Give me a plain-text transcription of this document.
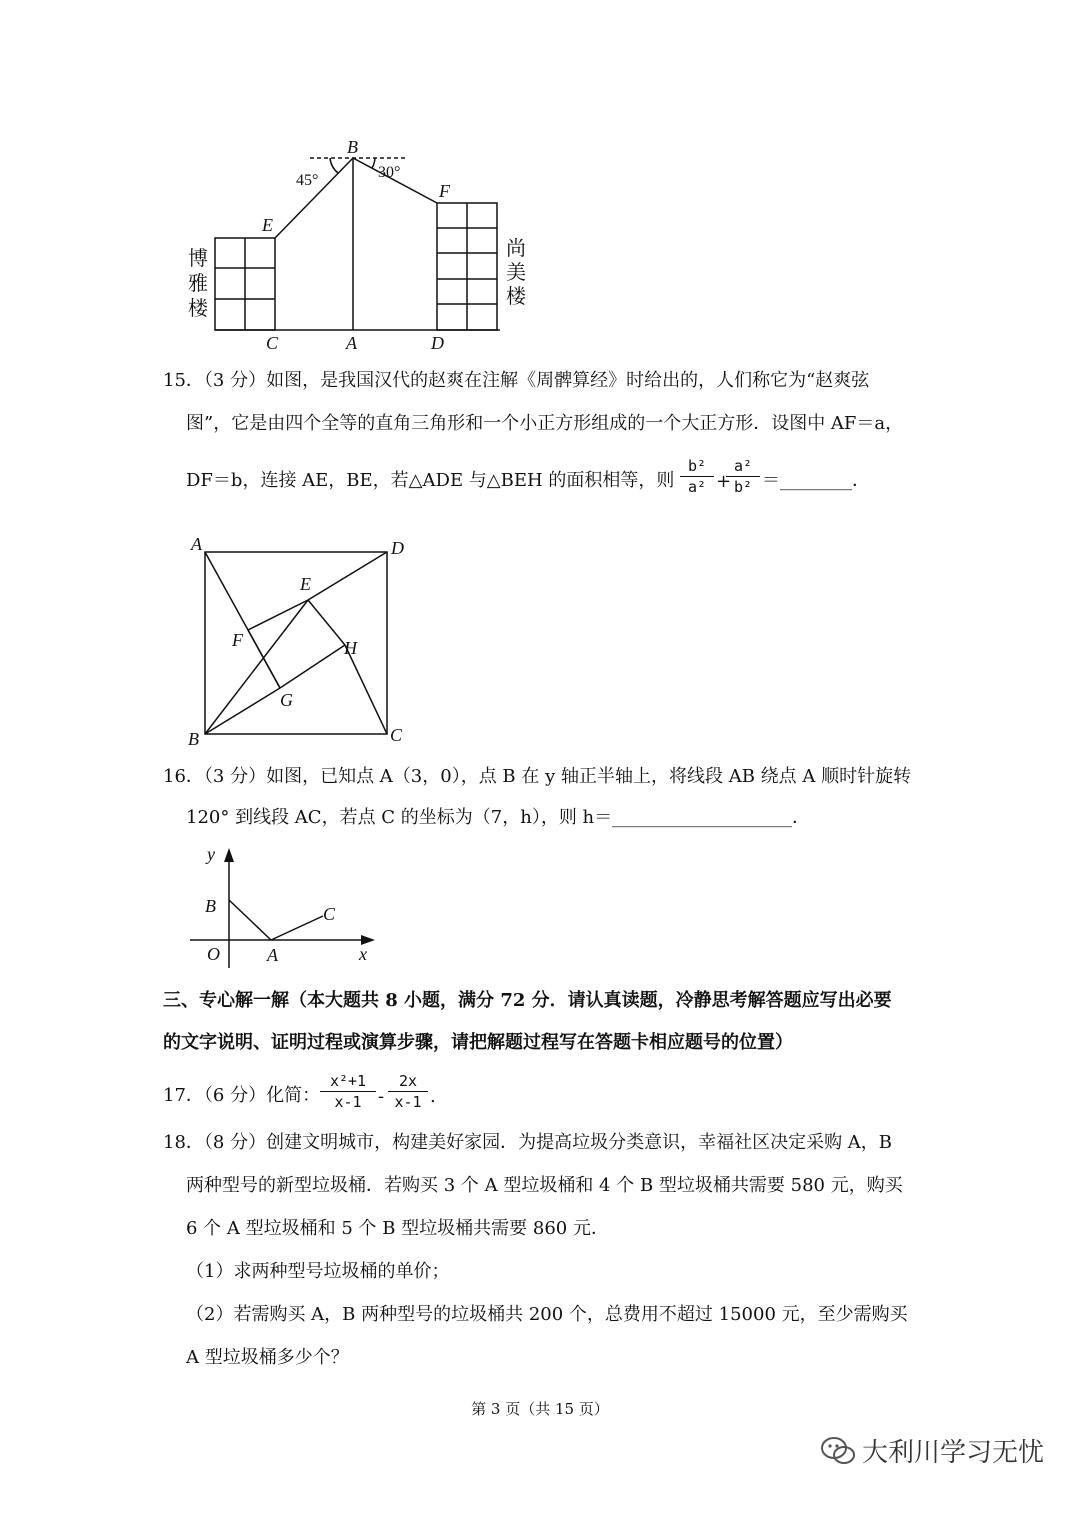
B
E
F
C	A	D
45°	30°
博
雅
楼
尚
美
楼
15．（3 分）如图，是我国汉代的赵爽在注解《周髀算经》时给出的，人们称它为“赵爽弦
图”，它是由四个全等的直角三角形和一个小正方形组成的一个大正方形．设图中 AF＝a，
DF＝b，连接 AE，BE，若△ADE 与△BEH 的面积相等，则
b²
a² +
a²
b² ＝________．
A	D
E
F	H
G
B	C
16．（3 分）如图，已知点 A（3，0），点 B 在 y 轴正半轴上，将线段 AB 绕点 A 顺时针旋转
120° 到线段 AC，若点 C 的坐标为（7，h），则 h＝ ____________________．
y
B	C
O	A	x
三、专心解一解（本大题共 8 小题，满分 72 分．请认真读题，冷静思考解答题应写出必要
的文字说明、证明过程或演算步骤，请把解题过程写在答题卡相应题号的位置）
17．（6 分）化简：
x²+1
x-1 -
2x
x-1 .
18．（8 分）创建文明城市，构建美好家园．为提高垃圾分类意识，幸福社区决定采购 A，B
两种型号的新型垃圾桶．若购买 3 个 A 型垃圾桶和 4 个 B 型垃圾桶共需要 580 元，购买
6 个 A 型垃圾桶和 5 个 B 型垃圾桶共需要 860 元．
（1）求两种型号垃圾桶的单价；
（2）若需购买 A，B 两种型号的垃圾桶共 200 个，总费用不超过 15000 元，至少需购买
A 型垃圾桶多少个？
第 3 页（共 15 页）
大利川学习无忧
